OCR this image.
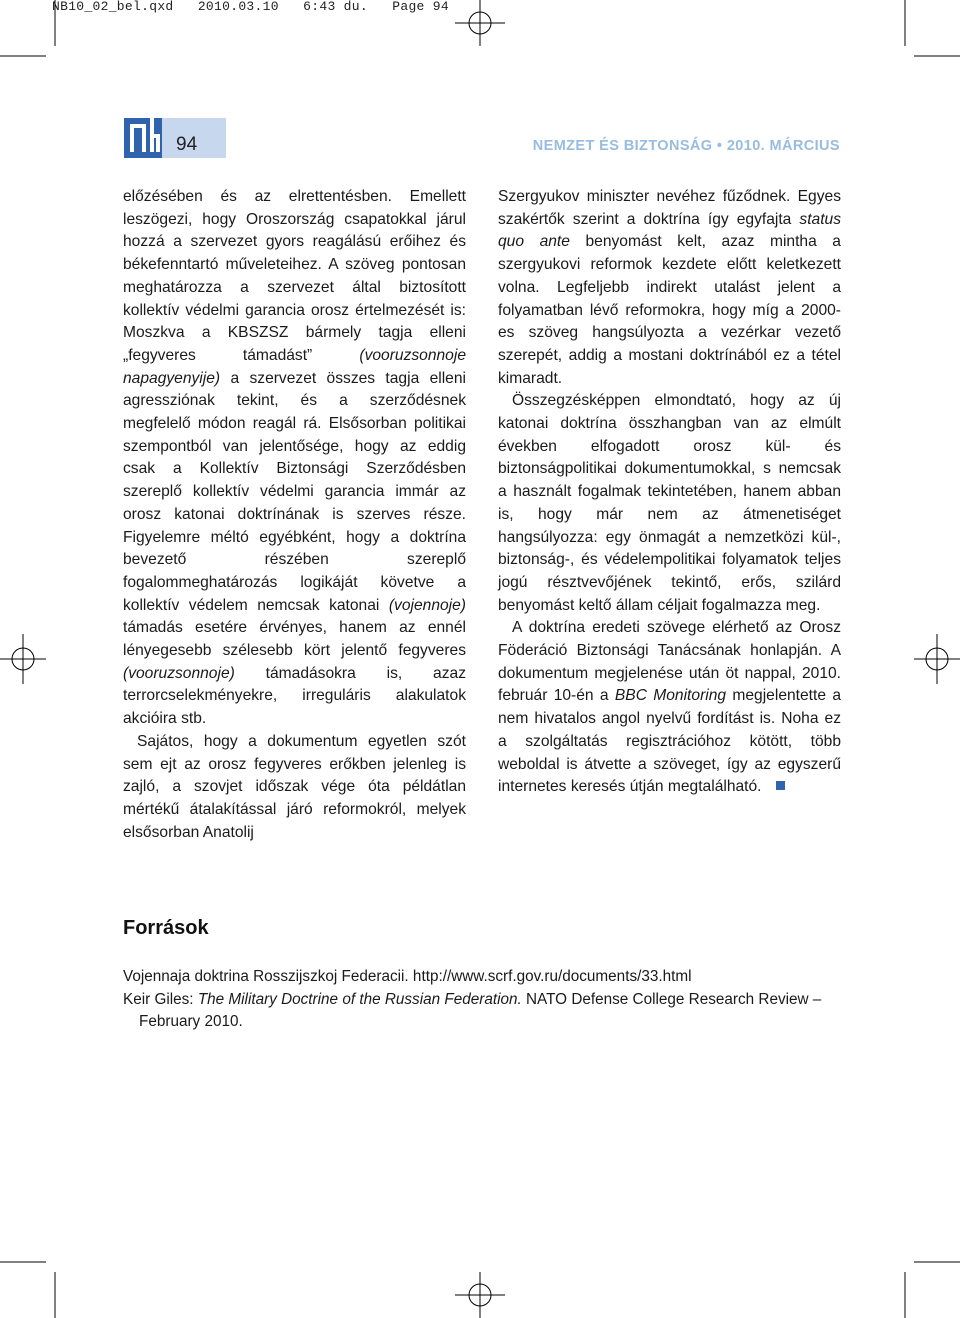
NB10_02_bel.qxd   2010.03.10   6:43 du.   Page 94
94	NEMZET ÉS BIZTONSÁG • 2010. MÁRCIUS

előzésében és az elrettentésben. Emellett leszögezi, hogy Oroszország csapatokkal járul hozzá a szervezet gyors reagálású erőihez és békefenntartó műveleteihez. A szöveg pontosan meghatározza a szervezet által biztosított kollektív védelmi garancia orosz értelmezését is: Moszkva a KBSZSZ bármely tagja elleni „fegyveres támadást”	(vooruzsonnoje napagyenyije) a szervezet összes tagja elleni agressziónak tekint, és a szerződésnek megfelelő módon reagál rá. Elsősorban politikai szempontból van jelentősége, hogy az eddig csak a Kollektív Biztonsági Szerződésben szereplő kollektív védelmi garancia immár az orosz katonai doktrínának is szerves része. Figyelemre méltó egyébként, hogy a doktrína bevezető részében szereplő fogalommeghatározás logikáját követve a kollektív védelem nemcsak katonai (vojennoje) támadás esetére érvényes, hanem az ennél lényegesebb szélesebb kört jelentő fegyveres (vooruzsonnoje) támadásokra is, azaz terrorcselekményekre, irreguláris alakulatok akcióira stb.

Sajátos, hogy a dokumentum egyetlen szót sem ejt az orosz fegyveres erőkben jelenleg is zajló, a szovjet időszak vége óta példátlan mértékű átalakítással járó reformokról, melyek elsősorban Anatolij

Szergyukov miniszter nevéhez fűződnek. Egyes szakértők szerint a doktrína így egyfajta status quo ante benyomást kelt, azaz mintha a szergyukovi reformok kezdete előtt keletkezett volna. Legfeljebb indirekt utalást jelent a folyamatban lévő reformokra, hogy míg a 2000-es szöveg hangsúlyozta a vezérkar vezető szerepét, addig a mostani doktrínából ez a tétel kimaradt.

Összegzésképpen elmondtató, hogy az új katonai doktrína összhangban van az elmúlt években elfogadott orosz kül- és biztonságpolitikai dokumentumokkal, s nemcsak a használt fogalmak tekintetében, hanem abban is, hogy már nem az átmenetiséget hangsúlyozza: egy önmagát a nemzetközi kül-, biztonság-, és védelempolitikai folyamatok teljes jogú résztvevőjének tekintő, erős, szilárd benyomást keltő állam céljait fogalmazza meg.

A doktrína eredeti szövege elérhető az Orosz Föderáció Biztonsági Tanácsának honlapján. A dokumentum megjelenése után öt nappal, 2010. február 10-én a BBC Monitoring megjelentette a nem hivatalos angol nyelvű fordítást is. Noha ez a szolgáltatás regisztrációhoz kötött, több weboldal is átvette a szöveget, így az egyszerű internetes keresés útján megtalálható.

Források
Vojennaja doktrina Rosszijszkoj Federacii. http://www.scrf.gov.ru/documents/33.html
Keir Giles: The Military Doctrine of the Russian Federation. NATO Defense College Research Review – February 2010.
